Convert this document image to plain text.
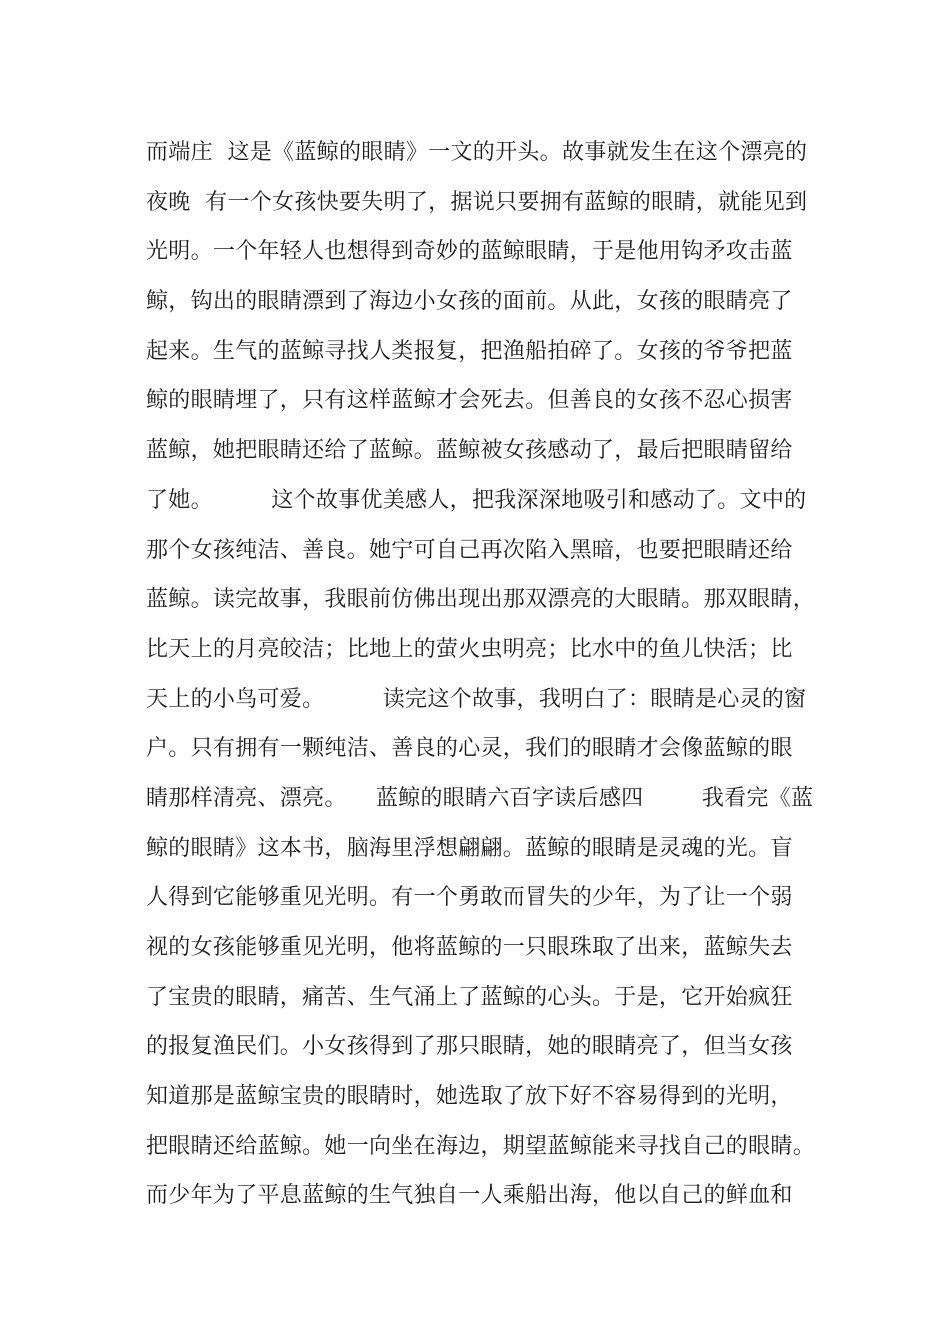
而端庄  这是《蓝鲸的眼睛》一文的开头。故事就发生在这个漂亮的
夜晚  有一个女孩快要失明了，据说只要拥有蓝鲸的眼睛，就能见到
光明。一个年轻人也想得到奇妙的蓝鲸眼睛，于是他用钩矛攻击蓝
鲸，钩出的眼睛漂到了海边小女孩的面前。从此，女孩的眼睛亮了
起来。生气的蓝鲸寻找人类报复，把渔船拍碎了。女孩的爷爷把蓝
鲸的眼睛埋了，只有这样蓝鲸才会死去。但善良的女孩不忍心损害
蓝鲸，她把眼睛还给了蓝鲸。蓝鲸被女孩感动了，最后把眼睛留给
了她。        这个故事优美感人，把我深深地吸引和感动了。文中的
那个女孩纯洁、善良。她宁可自己再次陷入黑暗，也要把眼睛还给
蓝鲸。读完故事，我眼前仿佛出现出那双漂亮的大眼睛。那双眼睛，
比天上的月亮皎洁；比地上的萤火虫明亮；比水中的鱼儿快活；比
天上的小鸟可爱。        读完这个故事，我明白了：眼睛是心灵的窗
户。只有拥有一颗纯洁、善良的心灵，我们的眼睛才会像蓝鲸的眼
睛那样清亮、漂亮。    蓝鲸的眼睛六百字读后感四        我看完《蓝
鲸的眼睛》这本书，脑海里浮想翩翩。蓝鲸的眼睛是灵魂的光。盲
人得到它能够重见光明。有一个勇敢而冒失的少年，为了让一个弱
视的女孩能够重见光明，他将蓝鲸的一只眼珠取了出来，蓝鲸失去
了宝贵的眼睛，痛苦、生气涌上了蓝鲸的心头。于是，它开始疯狂
的报复渔民们。小女孩得到了那只眼睛，她的眼睛亮了，但当女孩
知道那是蓝鲸宝贵的眼睛时，她选取了放下好不容易得到的光明，
把眼睛还给蓝鲸。她一向坐在海边，期望蓝鲸能来寻找自己的眼睛。
而少年为了平息蓝鲸的生气独自一人乘船出海，他以自己的鲜血和
